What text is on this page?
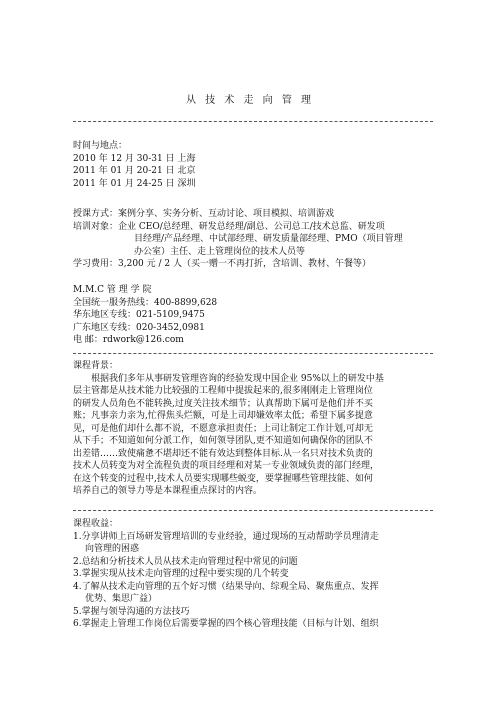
从 技 术 走 向 管 理
时间与地点：
2010 年 12 月 30-31 日 上海
2011 年 01 月 20-21 日 北京
2011 年 01 月 24-25 日 深圳
授课方式：案例分享、实务分析、互动讨论、项目模拟、培训游戏
培训对象：企业 CEO/总经理、研发总经理/副总、公司总工/技术总监、研发项
目经理/产品经理、中试部经理、研发质量部经理、PMO（项目管理
办公室）主任、走上管理岗位的技术人员等
学习费用：3,200 元 / 2 人（买一赠一不再打折，含培训、教材、午餐等）
M.M.C 管 理 学 院
全国统一服务热线：400-8899,628
华东地区专线：021-5109,9475
广东地区专线：020-3452,0981
电 邮：rdwork@126.com
课程背景：
根据我们多年从事研发管理咨询的经验发现中国企业 95%以上的研发中基
层主管都是从技术能力比较强的工程师中提拔起来的,很多刚刚走上管理岗位
的研发人员角色不能转换,过度关注技术细节；认真帮助下属可是他们并不买
账；凡事亲力亲为,忙得焦头烂额，可是上司却嫌效率太低；希望下属多提意
见，可是他们却什么都不说，不愿意承担责任；上司让制定工作计划,可却无
从下手；不知道如何分派工作，如何领导团队,更不知道如何确保你的团队不
出差错……致使痛惫不堪却还不能有效达到整体目标.从一名只对技术负责的
技术人员转变为对全流程负责的项目经理和对某一专业领域负责的部门经理，
在这个转变的过程中,技术人员要实现哪些蜕变，要掌握哪些管理技能、如何
培养自己的领导力等是本课程重点探讨的内容。
课程收益：
1.分享讲师上百场研发管理培训的专业经验，通过现场的互动帮助学员理清走
向管理的困惑
2.总结和分析技术人员从技术走向管理过程中常见的问题
3.掌握实现从技术走向管理的过程中要实现的几个转变
4.了解从技术走向管理的五个好习惯（结果导向、综观全局、聚焦重点、发挥
优势、集思广益）
5.掌握与领导沟通的方法技巧
6.掌握走上管理工作岗位后需要掌握的四个核心管理技能（目标与计划、组织
